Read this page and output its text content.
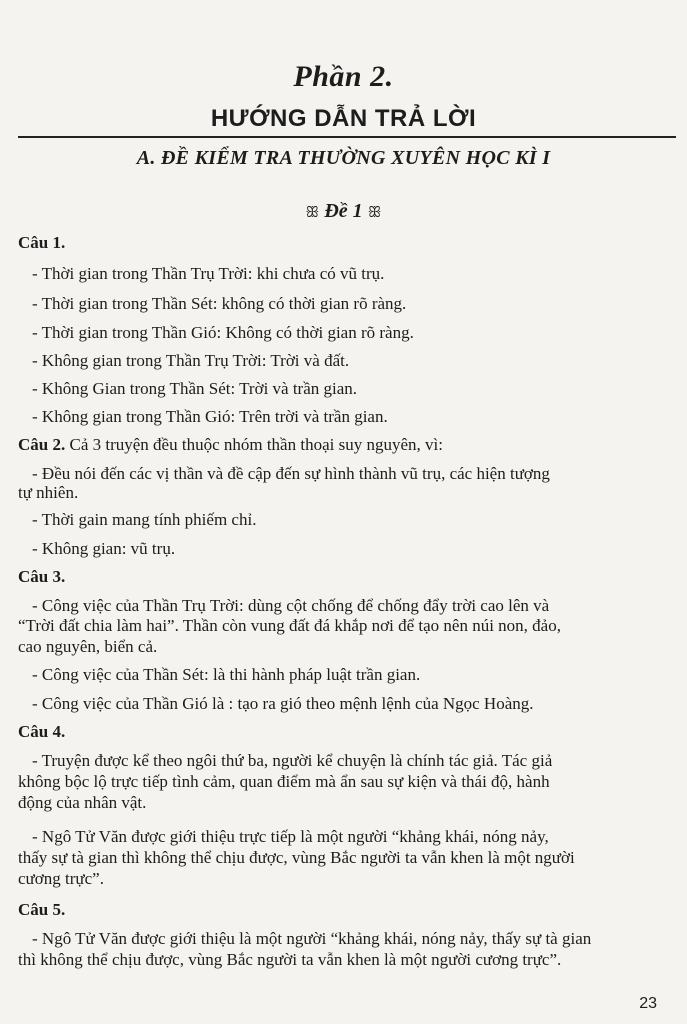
Phần 2.
HƯỚNG DẪN TRẢ LỜI
A. ĐỀ KIỂM TRA THƯỜNG XUYÊN HỌC KÌ I
ꕥ Đề 1 ꕥ
Câu 1.
- Thời gian trong Thần Trụ Trời: khi chưa có vũ trụ.
- Thời gian trong Thần Sét: không có thời gian rõ ràng.
- Thời gian trong Thần Gió: Không có thời gian rõ ràng.
- Không gian trong Thần Trụ Trời: Trời và đất.
- Không Gian trong Thần Sét: Trời và trần gian.
- Không gian trong Thần Gió: Trên trời và trần gian.
Câu 2. Cả 3 truyện đều thuộc nhóm thần thoại suy nguyên, vì:
- Đều nói đến các vị thần và đề cập đến sự hình thành vũ trụ, các hiện tượng
tự nhiên.
- Thời gain mang tính phiếm chỉ.
- Không gian: vũ trụ.
Câu 3.
- Công việc của Thần Trụ Trời: dùng cột chống để chống đẩy trời cao lên và
“Trời đất chia làm hai”. Thần còn vung đất đá khắp nơi để tạo nên núi non, đảo,
cao nguyên, biển cả.
- Công việc của Thần Sét: là thi hành pháp luật trần gian.
- Công việc của Thần Gió là : tạo ra gió theo mệnh lệnh của Ngọc Hoàng.
Câu 4.
- Truyện được kể theo ngôi thứ ba, người kể chuyện là chính tác giả. Tác giả
không bộc lộ trực tiếp tình cảm, quan điểm mà ẩn sau sự kiện và thái độ, hành
động của nhân vật.
- Ngô Tử Văn được giới thiệu trực tiếp là một người “khảng khái, nóng nảy,
thấy sự tà gian thì không thể chịu được, vùng Bắc người ta vẫn khen là một người
cương trực”.
Câu 5.
- Ngô Tử Văn được giới thiệu là một người “khảng khái, nóng nảy, thấy sự tà gian
thì không thể chịu được, vùng Bắc người ta vẫn khen là một người cương trực”.
23
